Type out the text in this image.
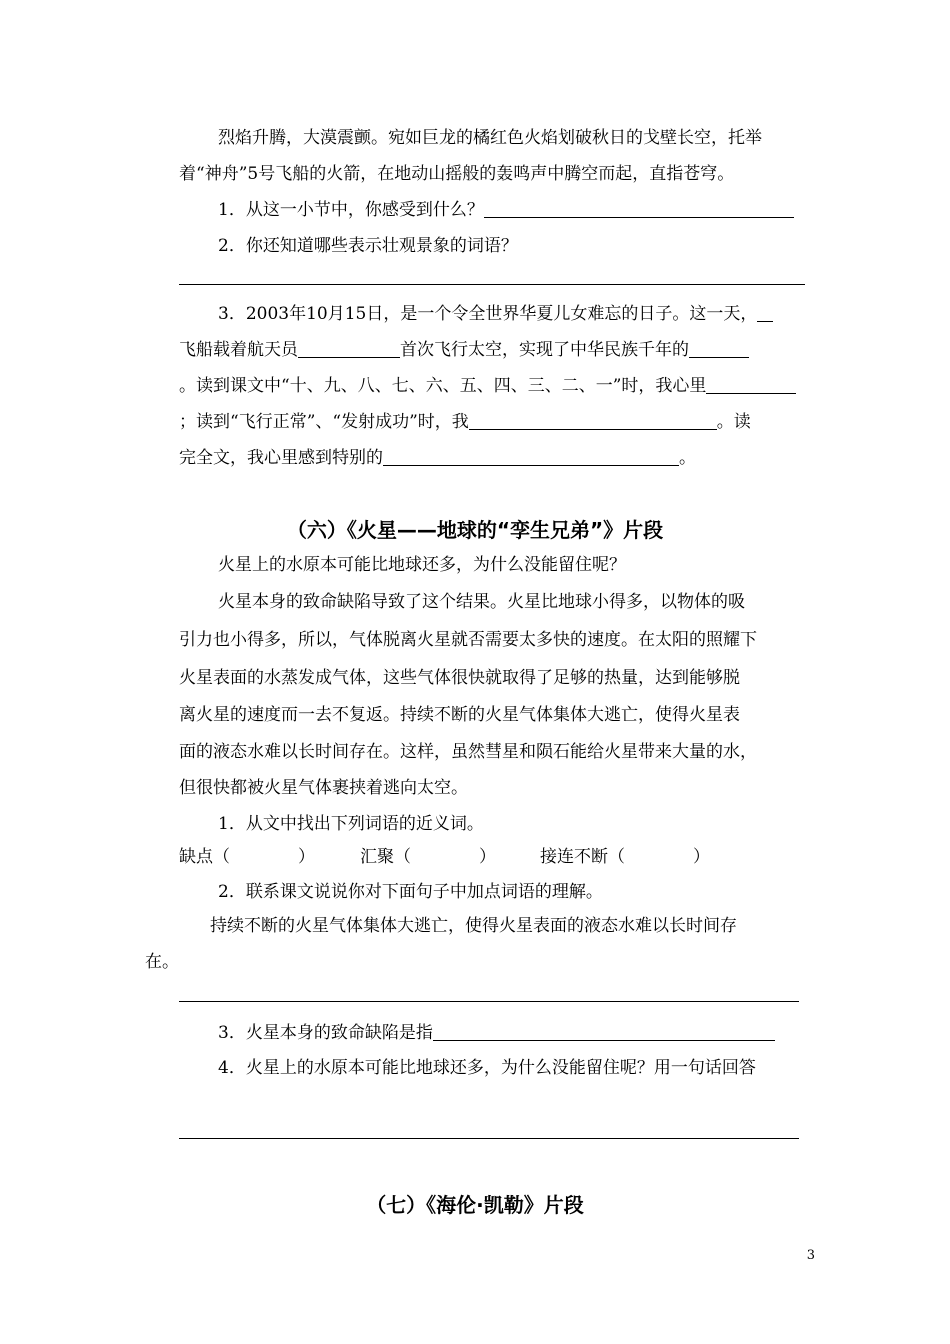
烈焰升腾，大漠震颤。宛如巨龙的橘红色火焰划破秋日的戈壁长空，托举
着“神舟”5号飞船的火箭，在地动山摇般的轰鸣声中腾空而起，直指苍穹。
1．从这一小节中，你感受到什么？
2．你还知道哪些表示壮观景象的词语？
3．2003年10月15日，是一个令全世界华夏儿女难忘的日子。这一天，
飞船载着航天员	首次飞行太空，实现了中华民族千年的
。读到课文中“十、九、八、七、六、五、四、三、二、一”时，我心里
；读到“飞行正常”、“发射成功”时，我	。读
完全文，我心里感到特别的	。
（六）《火星——地球的“孪生兄弟”》片段
火星上的水原本可能比地球还多，为什么没能留住呢？
火星本身的致命缺陷导致了这个结果。火星比地球小得多，以物体的吸
引力也小得多，所以，气体脱离火星就否需要太多快的速度。在太阳的照耀下
火星表面的水蒸发成气体，这些气体很快就取得了足够的热量，达到能够脱
离火星的速度而一去不复返。持续不断的火星气体集体大逃亡，使得火星表
面的液态水难以长时间存在。这样，虽然彗星和陨石能给火星带来大量的水，
但很快都被火星气体裹挟着逃向太空。
1．从文中找出下列词语的近义词。
缺点（　　　　）	汇聚（　　　　）	接连不断（　　　　）
2．联系课文说说你对下面句子中加点词语的理解。
持续不断的火星气体集体大逃亡，使得火星表面的液态水难以长时间存
在。
3．火星本身的致命缺陷是指
4．火星上的水原本可能比地球还多，为什么没能留住呢？用一句话回答
（七）《海伦·凯勒》片段
3
